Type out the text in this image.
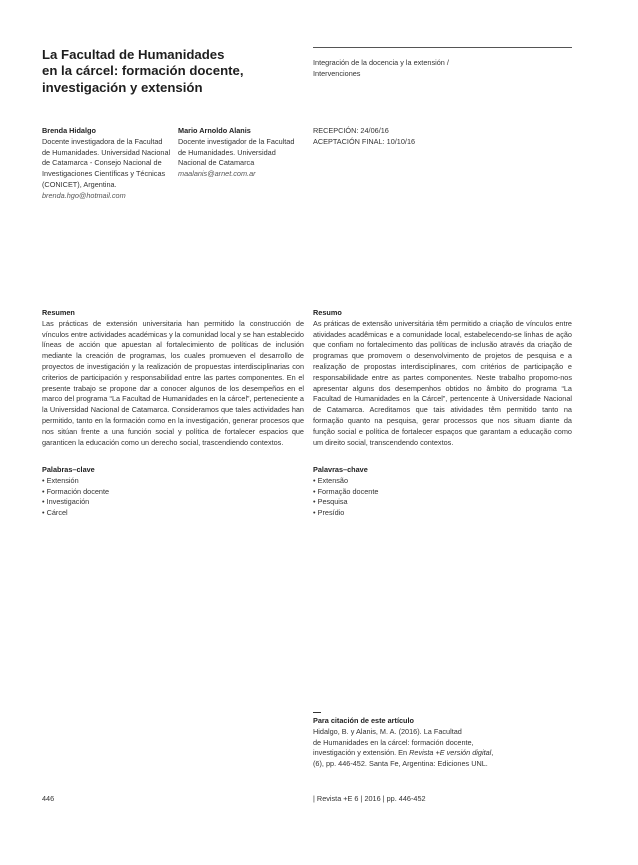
La Facultad de Humanidades
en la cárcel: formación docente,
investigación y extensión
Integración de la docencia y la extensión /
Intervenciones
Brenda Hidalgo
Docente investigadora de la Facultad
de Humanidades. Universidad Nacional
de Catamarca - Consejo Nacional de
Investigaciones Científicas y Técnicas
(CONICET), Argentina.
brenda.hgo@hotmail.com
Mario Arnoldo Alanis
Docente investigador de la Facultad
de Humanidades. Universidad
Nacional de Catamarca
maalanis@arnet.com.ar
RECEPCIÓN: 24/06/16
ACEPTACIÓN FINAL: 10/10/16
Resumen
Las prácticas de extensión universitaria han permitido la construcción de vínculos entre actividades académicas y la comunidad local y se han establecido líneas de acción que apuestan al fortalecimiento de políticas de inclusión mediante la creación de programas, los cuales promueven el desarrollo de proyectos de investigación y la realización de propuestas interdisciplinarias con criterios de participación y responsabilidad entre las partes componentes. En el presente trabajo se propone dar a conocer algunos de los desempeños en el marco del programa “La Facultad de Humanidades en la cárcel”, perteneciente a la Universidad Nacional de Catamarca. Consideramos que tales actividades han permitido, tanto en la formación como en la investigación, generar procesos que nos sitúan frente a una función social y política de fortalecer espacios que garanticen la educación como un derecho social, trascendiendo contextos.
Resumo
As práticas de extensão universitária têm permitido a criação de vínculos entre atividades acadêmicas e a comunidade local, estabelecendo-se linhas de ação que confiam no fortalecimento das políticas de inclusão através da criação de programas que promovem o desenvolvimento de projetos de pesquisa e a realização de propostas interdisciplinares, com critérios de participação e responsabilidade entre as partes componentes. Neste trabalho propomo-nos apresentar alguns dos desempenhos obtidos no âmbito do programa “La Facultad de Humanidades en la Cárcel”, pertencente à Universidade Nacional de Catamarca. Acreditamos que tais atividades têm permitido tanto na formação quanto na pesquisa, gerar processos que nos situam diante da função social e política de fortalecer espaços que garantam a educação como um direito social, transcendendo contextos.
Palabras–clave
• Extensión
• Formación docente
• Investigación
• Cárcel
Palavras–chave
• Extensão
• Formação docente
• Pesquisa
• Presídio
Para citación de este artículo
Hidalgo, B. y Alanis, M. A. (2016). La Facultad
de Humanidades en la cárcel: formación docente,
investigación y extensión. En Revista +E versión digital,
(6), pp. 446-452. Santa Fe, Argentina: Ediciones UNL.
446	| Revista +E 6 | 2016 | pp. 446-452
